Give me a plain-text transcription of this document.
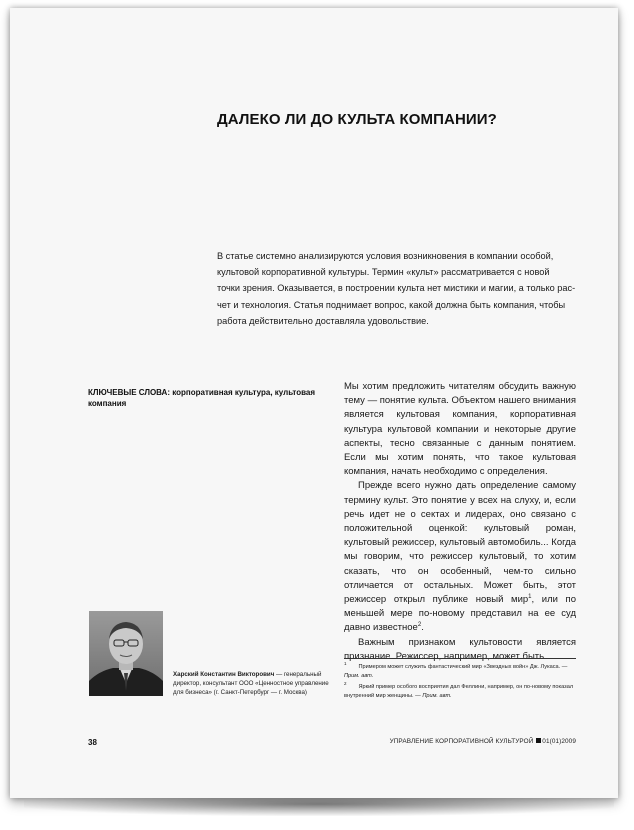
ДАЛЕКО ЛИ ДО КУЛЬТА КОМПАНИИ?

В статье системно анализируются условия возникновения в компании особой,

культовой корпоративной культуры. Термин «культ» рассматривается с новой

точки зрения. Оказывается, в построении культа нет мистики и магии, а только рас-

чет и технология. Статья поднимает вопрос, какой должна быть компания, чтобы

работа действительно доставляла удовольствие.

КЛЮЧЕВЫЕ СЛОВА: корпоративная культура, культовая компания

Мы хотим предложить читателям обсудить важную тему — понятие культа. Объектом нашего внимания является культовая компания, корпоративная культура культовой компании и некоторые другие аспекты, тесно связанные с данным понятием. Если мы хотим понять, что такое культовая компания, начать необходимо с определения.

Прежде всего нужно дать определение самому термину культ. Это понятие у всех на слуху, и, если речь идет не о сектах и лидерах, оно связано с положительной оценкой: культовый роман, культовый режиссер, культовый автомобиль... Когда мы говорим, что режиссер культовый, то хотим сказать, что он особенный, чем-то сильно отличается от остальных. Может быть, этот режиссер открыл публике новый мир$^1$, или по меньшей мере по-новому представил на ее суд давно известное$^2$.

Важным признаком культовости является признание. Режиссер, например, может быть

$^1$Примером может служить фантастический мир «Звездных войн» Дж. Лукаса. — Прим. авт.

$^2$Яркий пример особого восприятия дал Феллини, например, он по-новому показал внутренний мир женщины. — Прим. авт.

Харский Константин Викторович — генеральный директор, консультант ООО «Ценностное управление для бизнеса» (г. Санкт-Петербург — г. Москва)
38	УПРАВЛЕНИЕ КОРПОРАТИВНОЙ КУЛЬТУРОЙ 01(01)2009
